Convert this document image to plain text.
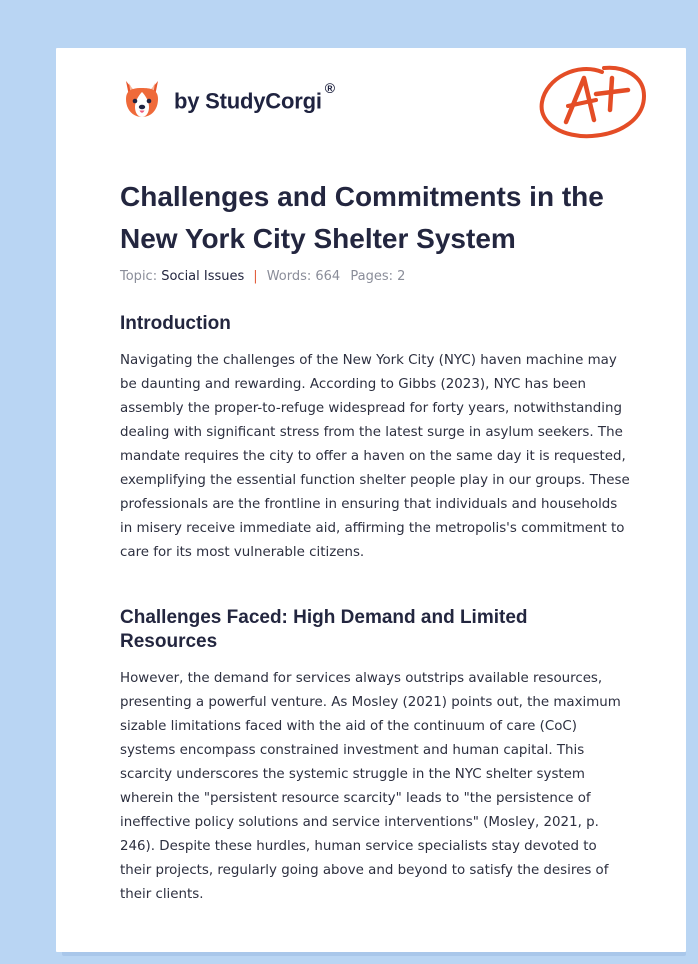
by StudyCorgi®
Challenges and Commitments in the New York City Shelter System
Topic: Social Issues | Words: 664 Pages: 2
Introduction

Navigating the challenges of the New York City (NYC) haven machine may be daunting and rewarding. According to Gibbs (2023), NYC has been assembly the proper-to-refuge widespread for forty years, notwithstanding dealing with significant stress from the latest surge in asylum seekers. The mandate requires the city to offer a haven on the same day it is requested, exemplifying the essential function shelter people play in our groups. These professionals are the frontline in ensuring that individuals and households in misery receive immediate aid, affirming the metropolis's commitment to care for its most vulnerable citizens.

Challenges Faced: High Demand and Limited Resources

However, the demand for services always outstrips available resources, presenting a powerful venture. As Mosley (2021) points out, the maximum sizable limitations faced with the aid of the continuum of care (CoC) systems encompass constrained investment and human capital. This scarcity underscores the systemic struggle in the NYC shelter system wherein the "persistent resource scarcity" leads to "the persistence of ineffective policy solutions and service interventions" (Mosley, 2021, p. 246). Despite these hurdles, human service specialists stay devoted to their projects, regularly going above and beyond to satisfy the desires of their clients.
